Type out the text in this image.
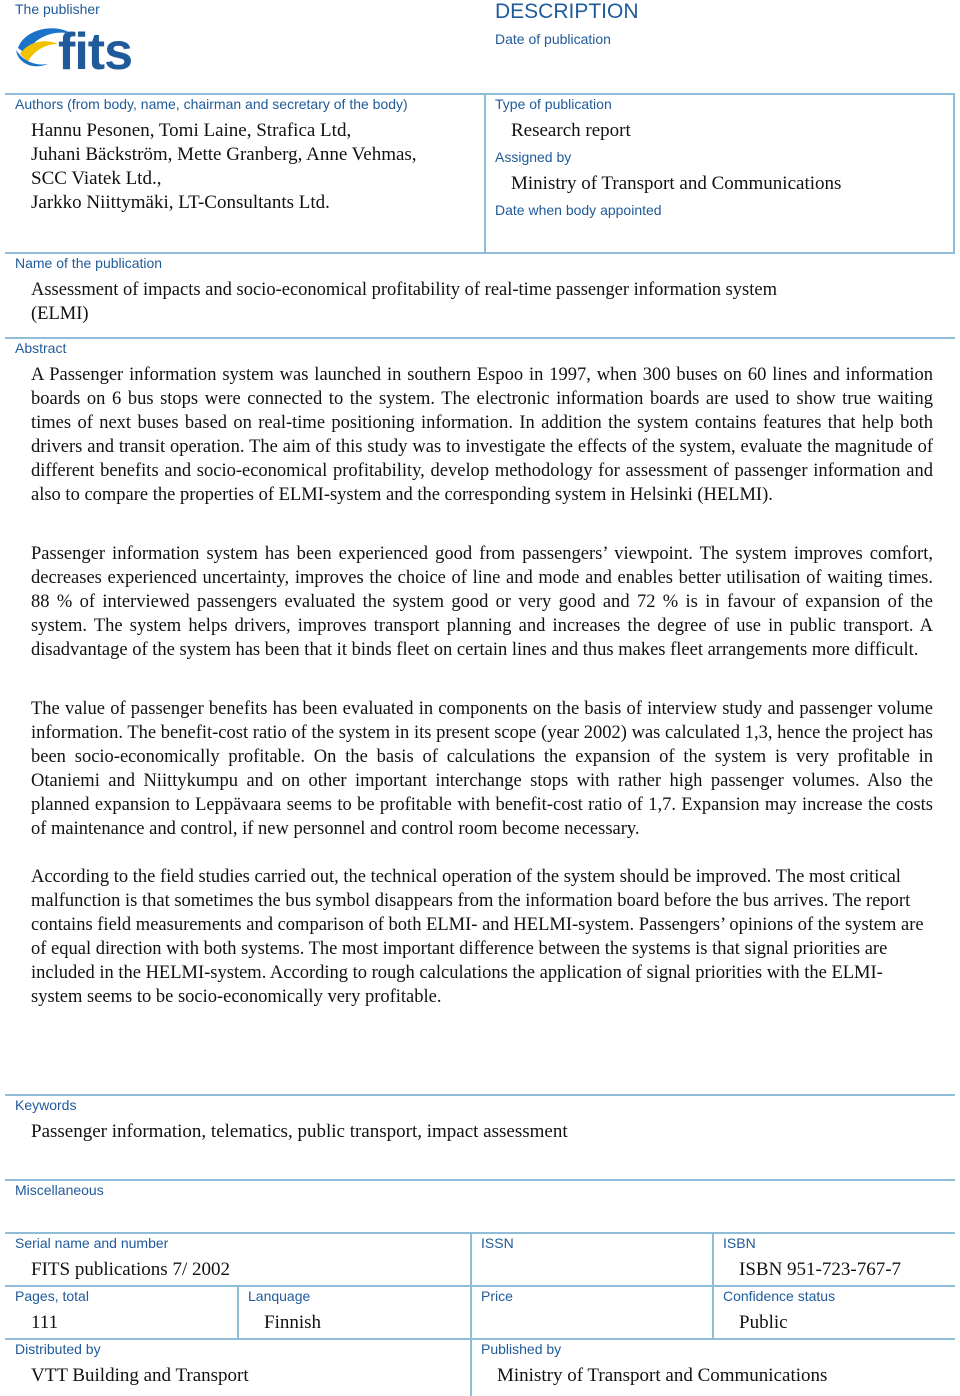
The publisher
fits
DESCRIPTION
Date of publication
Authors (from body, name, chairman and secretary of the body)
Hannu Pesonen, Tomi Laine, Strafica Ltd,
Juhani Bäckström, Mette Granberg, Anne Vehmas,
SCC Viatek Ltd.,
Jarkko Niittymäki, LT-Consultants Ltd.
Type of publication
Research report
Assigned by
Ministry of Transport and Communications
Date when body appointed
Name of the publication
Assessment of impacts and socio-economical profitability of real-time passenger information system
(ELMI)
Abstract

A Passenger information system was launched in southern Espoo in 1997, when 300 buses on 60 lines and information boards on 6 bus stops were connected to the system. The electronic information boards are used to show true waiting times of next buses based on real-time positioning information. In addition the system contains features that help both drivers and transit operation. The aim of this study was to investigate the effects of the system, evaluate the magnitude of different benefits and socio-economical profitability, develop methodology for assessment of passenger information and also to compare the properties of ELMI-system and the corresponding system in Helsinki (HELMI).

Passenger information system has been experienced good from passengers’ viewpoint. The system improves comfort, decreases experienced uncertainty, improves the choice of line and mode and enables better utilisation of waiting times. 88 % of interviewed passengers evaluated the system good or very good and 72 % is in favour of expansion of the system. The system helps drivers, improves transport planning and increases the degree of use in public transport. A disadvantage of the system has been that it binds fleet on certain lines and thus makes fleet arrangements more difficult.

The value of passenger benefits has been evaluated in components on the basis of interview study and passenger volume information. The benefit-cost ratio of the system in its present scope (year 2002) was calculated 1,3, hence the project has been socio-economically profitable. On the basis of calculations the expansion of the system is very profitable in Otaniemi and Niittykumpu and on other important interchange stops with rather high passenger volumes. Also the planned expansion to Leppävaara seems to be profitable with benefit-cost ratio of 1,7. Expansion may increase the costs of maintenance and control, if new personnel and control room become necessary.

According to the field studies carried out, the technical operation of the system should be improved. The most critical malfunction is that sometimes the bus symbol disappears from the information board before the bus arrives. The report contains field measurements and comparison of both ELMI- and HELMI-system. Passengers’ opinions of the system are of equal direction with both systems. The most important difference between the systems is that signal priorities are included in the HELMI-system. According to rough calculations the application of signal priorities with the ELMI-system seems to be socio-economically very profitable.

Keywords
Passenger information, telematics, public transport, impact assessment
Miscellaneous
Serial name and number
FITS publications 7/ 2002
ISSN	ISBN
ISBN 951-723-767-7
Pages, total
111
Lanquage
Finnish
Price	Confidence status
Public
Distributed by
VTT Building and Transport
Published by
Ministry of Transport and Communications
